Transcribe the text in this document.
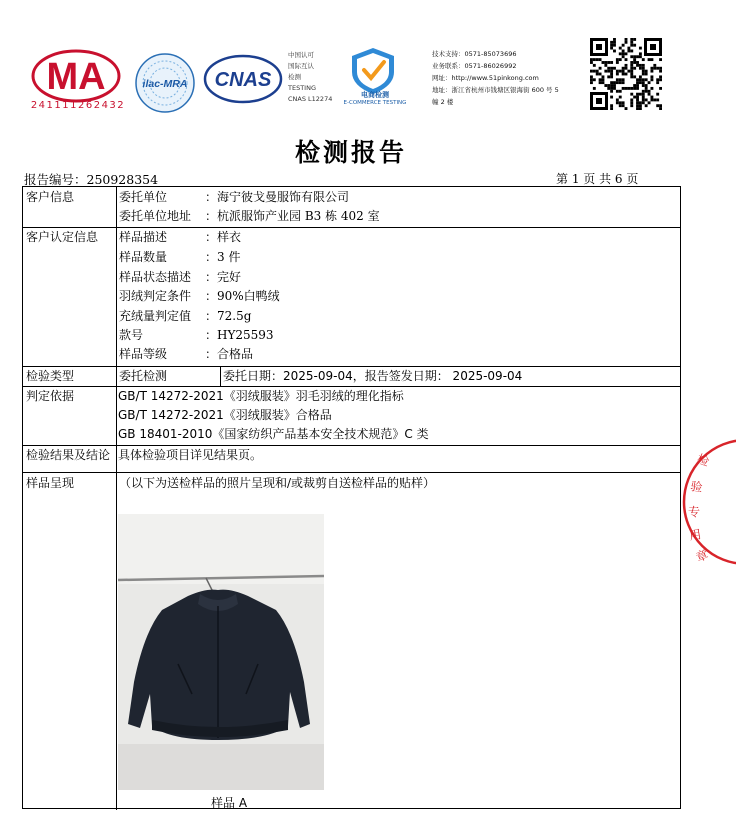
MA
241111262432
ilac-MRA CNAS
中国认可
国际互认
检测
TESTING
CNAS L12274	电商检测
E-COMMERCE TESTING
技术支持：0571-85073696
业务联系：0571-86026992
网址：http://www.51pinkong.com
地址：浙江省杭州市钱塘区银海街 600 号 5
幢 2 楼
检测报告
报告编号：250928354	第 1 页 共 6 页
客户信息	委托单位	：海宁彼戈曼服饰有限公司
委托单位地址 ：杭派服饰产业园 B3 栋 402 室
客户认定信息 样品描述	：样衣
样品数量	：3 件
样品状态描述 ：完好
羽绒判定条件 ：90%白鸭绒
充绒量判定值 ：72.5g
款号	：HY25593
样品等级	：合格品
检验类型	委托检测	委托日期：2025-09-04，报告签发日期： 2025-09-04
判定依据	GB/T 14272-2021《羽绒服装》羽毛羽绒的理化指标
GB/T 14272-2021《羽绒服装》合格品
GB 18401-2010《国家纺织产品基本安全技术规范》C 类
检验结果及结论 具体检验项目详见结果页。
样品呈现	（以下为送检样品的照片呈现和/或裁剪自送检样品的贴样）
样品 A
检
验
专
用
章
